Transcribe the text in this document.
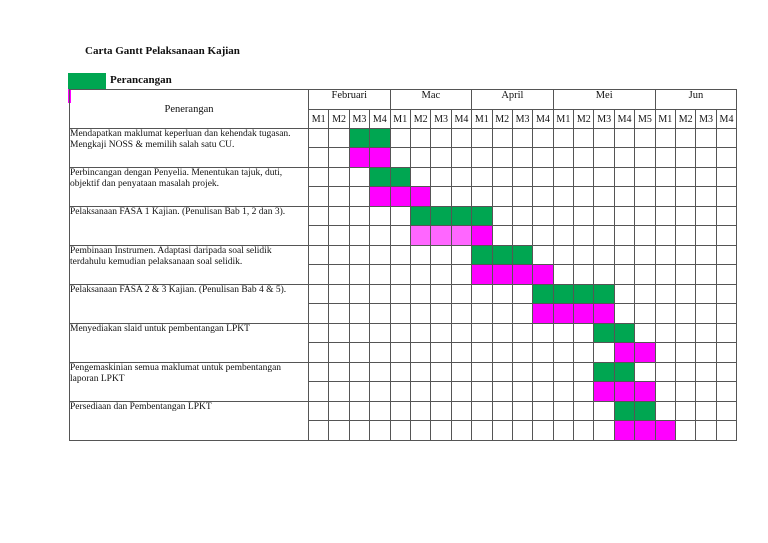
Carta Gantt Pelaksanaan Kajian
Perancangan
Penerangan	Februari				Mac				April				Mei					Jun			
	M1	M2	M3	M4	M1	M2	M3	M4	M1	M2	M3	M4	M1	M2	M3	M4	M5	M1	M2	M3	M4
Mendapatkan maklumat keperluan dan kehendak tugasan. Mengkaji NOSS & memilih salah satu CU.																					

Perbincangan dengan Penyelia. Menentukan tajuk, duti, objektif dan penyataan masalah projek.																					

Pelaksanaan FASA 1 Kajian. (Penulisan Bab 1, 2 dan 3).																					

Pembinaan Instrumen. Adaptasi daripada soal selidik terdahulu kemudian pelaksanaan soal selidik.																					

Pelaksanaan FASA 2 & 3 Kajian. (Penulisan Bab 4 & 5).																					

Menyediakan slaid untuk pembentangan LPKT																					

Pengemaskinian semua maklumat untuk pembentangan laporan LPKT																					

Persediaan dan Pembentangan LPKT																					
